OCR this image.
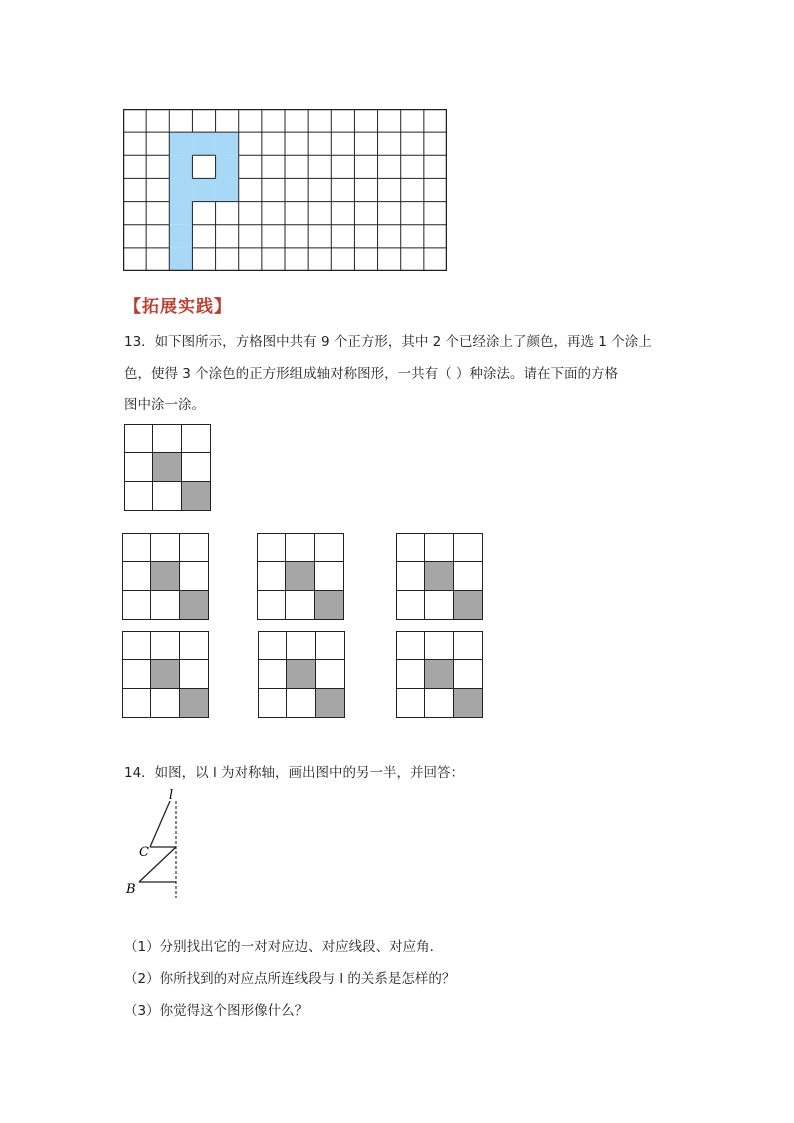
【拓展实践】
13．如下图所示，方格图中共有 9 个正方形，其中 2 个已经涂上了颜色，再选 1 个涂上
色，使得 3 个涂色的正方形组成轴对称图形，一共有（ ）种涂法。请在下面的方格
图中涂一涂。
14．如图，以 l 为对称轴，画出图中的另一半，并回答：
l
C
B
（1）分别找出它的一对对应边、对应线段、对应角．
（2）你所找到的对应点所连线段与 l 的关系是怎样的？
（3）你觉得这个图形像什么？
